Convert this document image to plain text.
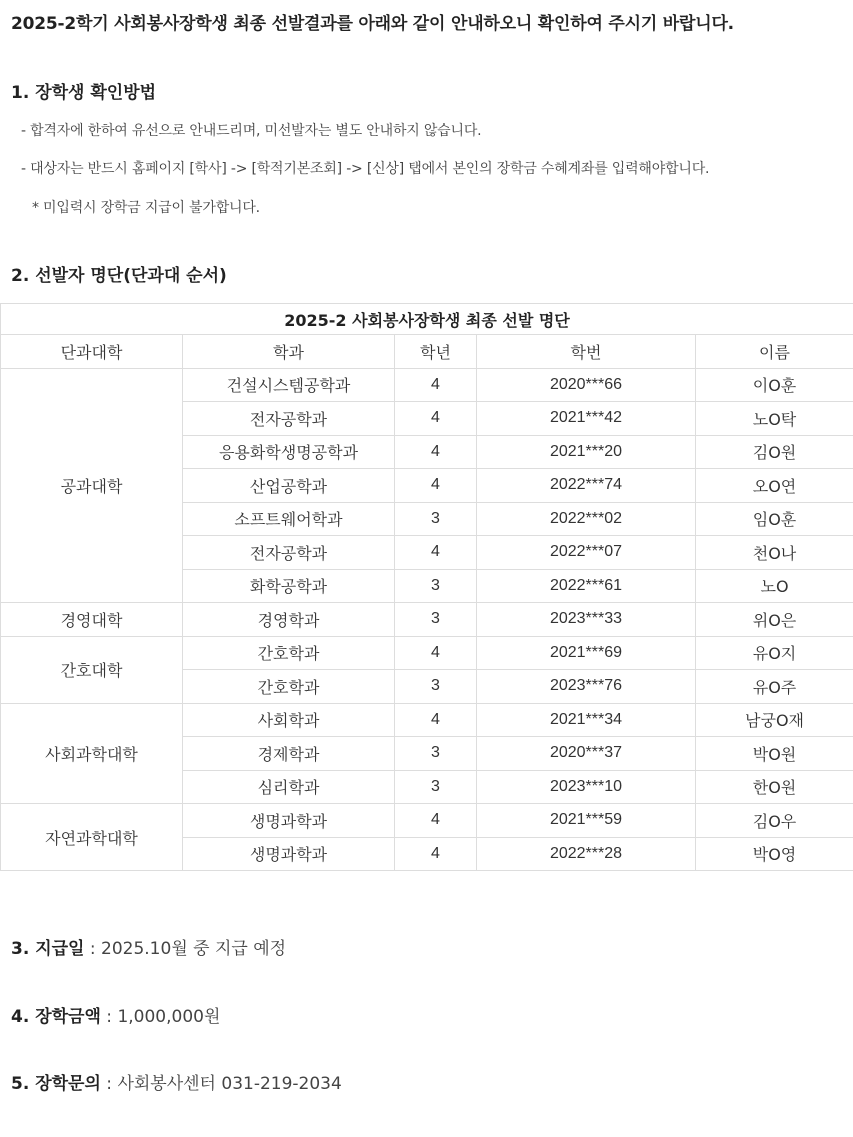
2025-2학기 사회봉사장학생 최종 선발결과를 아래와 같이 안내하오니 확인하여 주시기 바랍니다.
1. 장학생 확인방법
- 합격자에 한하여 유선으로 안내드리며, 미선발자는 별도 안내하지 않습니다.
- 대상자는 반드시 홈페이지 [학사] -> [학적기본조회] -> [신상] 탭에서 본인의 장학금 수혜계좌를 입력해야합니다.
* 미입력시 장학금 지급이 불가합니다.
2. 선발자 명단(단과대 순서)
2025-2 사회봉사장학생 최종 선발 명단				
단과대학	학과	학년	학번	이름
공과대학	건설시스템공학과	4	2020***66	이O훈
	전자공학과	4	2021***42	노O탁
	응용화학생명공학과	4	2021***20	김O원
	산업공학과	4	2022***74	오O연
	소프트웨어학과	3	2022***02	임O훈
	전자공학과	4	2022***07	천O나
	화학공학과	3	2022***61	노O
경영대학	경영학과	3	2023***33	위O은
간호대학	간호학과	4	2021***69	유O지
	간호학과	3	2023***76	유O주
사회과학대학	사회학과	4	2021***34	남궁O재
	경제학과	3	2020***37	박O원
	심리학과	3	2023***10	한O원
자연과학대학	생명과학과	4	2021***59	김O우
	생명과학과	4	2022***28	박O영
3. 지급일 : 2025.10월 중 지급 예정
4. 장학금액 : 1,000,000원
5. 장학문의 : 사회봉사센터 031-219-2034
